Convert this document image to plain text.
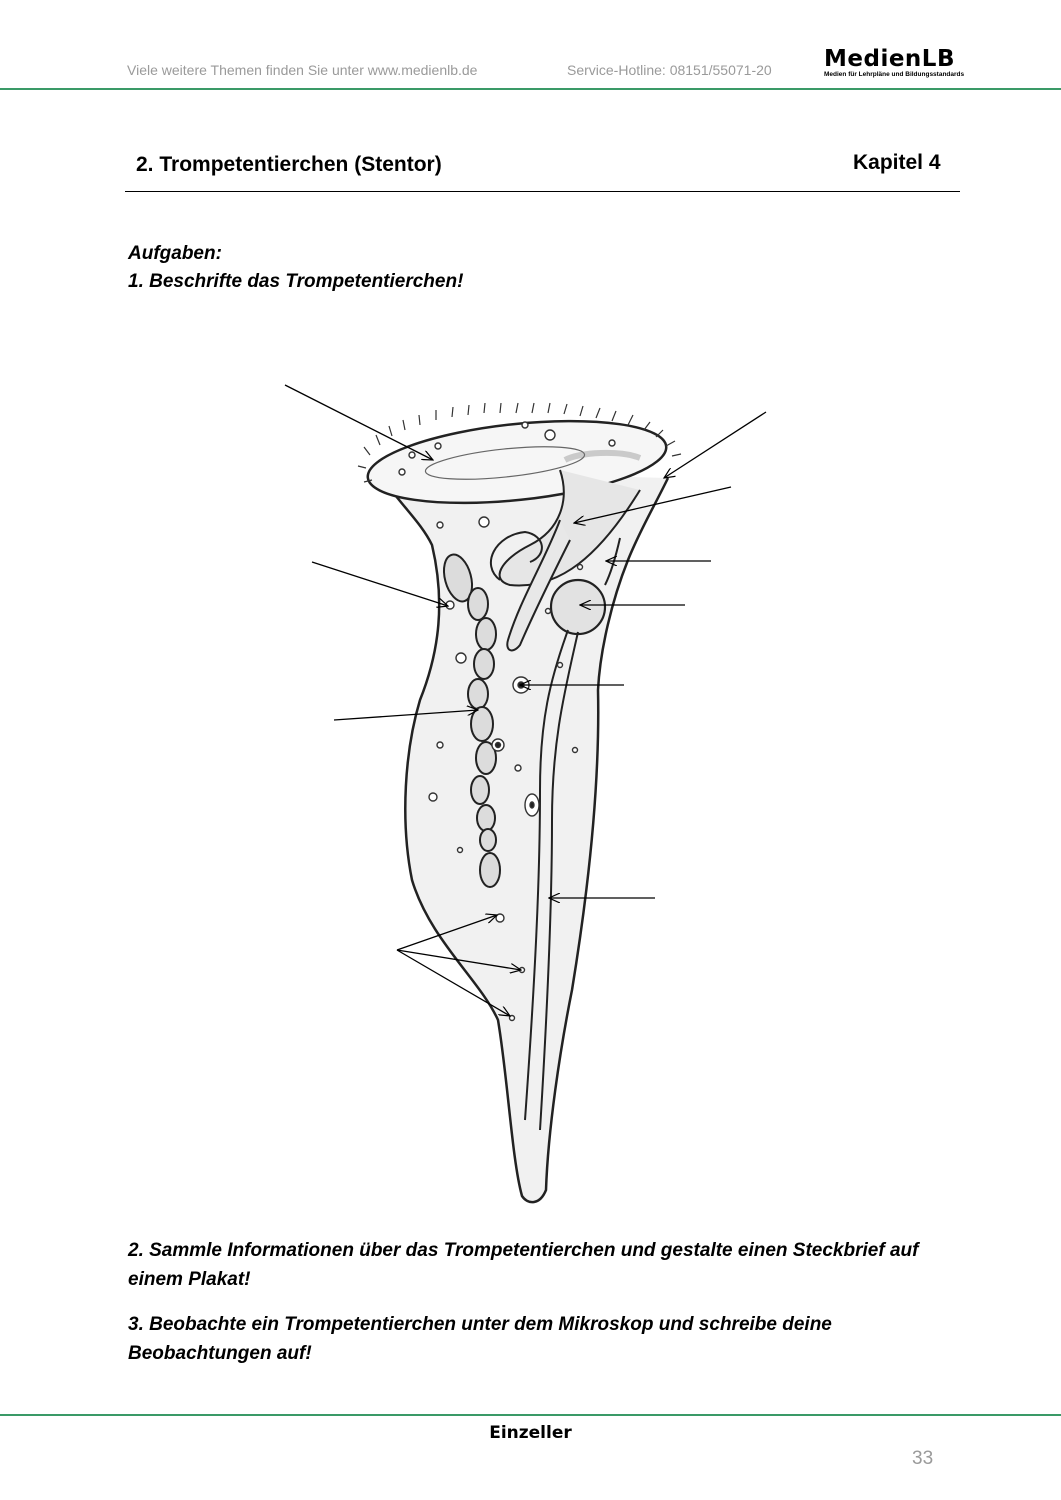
Viele weitere Themen finden Sie unter www.medienlb.de	Service-Hotline: 08151/55071-20 MedienLB
Medien für Lehrpläne und Bildungsstandards
2. Trompetentierchen (Stentor)	Kapitel 4
Aufgaben:
1. Beschrifte das Trompetentierchen!
2. Sammle Informationen über das Trompetentierchen und gestalte einen Steckbrief auf einem Plakat!
3. Beobachte ein Trompetentierchen unter dem Mikroskop und schreibe deine Beobachtungen auf!
Einzeller
33
